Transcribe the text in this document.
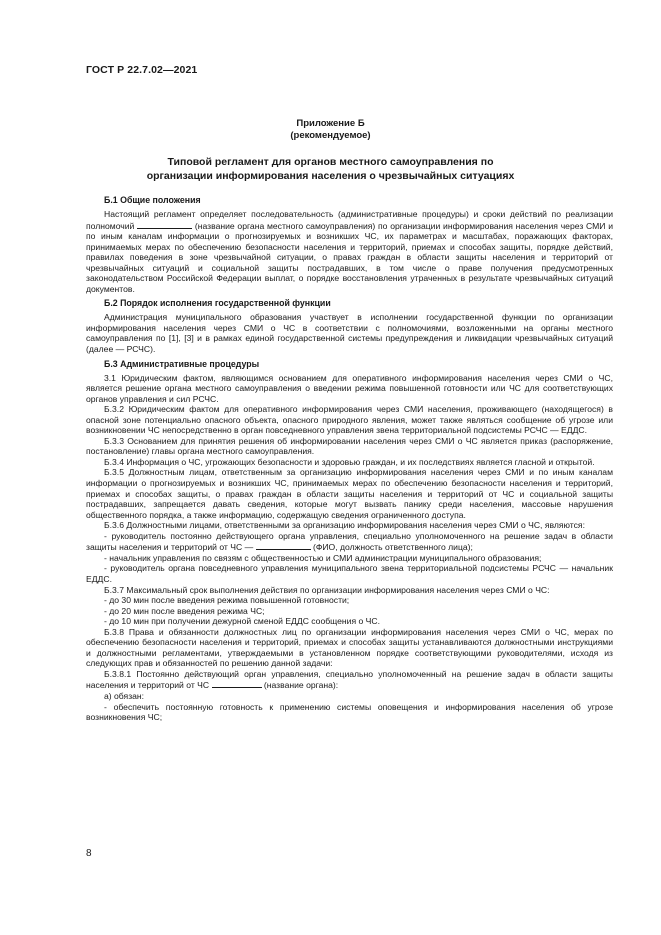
ГОСТ Р 22.7.02—2021
Приложение Б
(рекомендуемое)
Типовой регламент для органов местного самоуправления по
организации информирования населения о чрезвычайных ситуациях
Б.1 Общие положения

Настоящий регламент определяет последовательность (административные процедуры) и сроки действий по реализации полномочий	(название органа местного самоуправления) по организации информирования населения через СМИ и по иным каналам информации о прогнозируемых и возникших ЧС, их параметрах и масштабах, поражающих факторах, принимаемых мерах по обеспечению безопасности населения и территорий, приемах и способах защиты, порядке действий, правилах поведения в зоне чрезвычайной ситуации, о правах граждан в области защиты населения и территорий от чрезвычайных ситуаций и социальной защиты пострадавших, в том числе о праве получения предусмотренных законодательством Российской Федерации выплат, о порядке восстановления утраченных в результате чрезвычайных ситуаций документов.

Б.2 Порядок исполнения государственной функции

Администрация муниципального образования участвует в исполнении государственной функции по организации информирования населения через СМИ о ЧС в соответствии с полномочиями, возложенными на органы местного самоуправления по [1], [3] и в рамках единой государственной системы предупреждения и ликвидации чрезвычайных ситуаций (далее — РСЧС).

Б.3 Административные процедуры

3.1 Юридическим фактом, являющимся основанием для оперативного информирования населения через СМИ о ЧС, является решение органа местного самоуправления о введении режима повышенной готовности или ЧС для соответствующих органов управления и сил РСЧС.

Б.3.2 Юридическим фактом для оперативного информирования через СМИ населения, проживающего (находящегося) в опасной зоне потенциально опасного объекта, опасного природного явления, может также являться сообщение об угрозе или возникновении ЧС непосредственно в орган повседневного управления звена территориальной подсистемы РСЧС — ЕДДС.

Б.3.3 Основанием для принятия решения об информировании населения через СМИ о ЧС является приказ (распоряжение, постановление) главы органа местного самоуправления.

Б.3.4 Информация о ЧС, угрожающих безопасности и здоровью граждан, и их последствиях является гласной и открытой.

Б.3.5 Должностным лицам, ответственным за организацию информирования населения через СМИ и по иным каналам информации о прогнозируемых и возникших ЧС, принимаемых мерах по обеспечению безопасности населения и территорий, приемах и способах защиты, о правах граждан в области защиты населения и территорий от ЧС и социальной защиты пострадавших, запрещается давать сведения, которые могут вызвать панику среди населения, массовые нарушения общественного порядка, а также информацию, содержащую сведения ограниченного доступа.

Б.3.6 Должностными лицами, ответственными за организацию информирования населения через СМИ о ЧС, являются:

- руководитель постоянно действующего органа управления, специально уполномоченного на решение задач в области защиты населения и территорий от ЧС —	(ФИО, должность ответственного лица);

- начальник управления по связям с общественностью и СМИ администрации муниципального образования;

- руководитель органа повседневного управления муниципального звена территориальной подсистемы РСЧС — начальник ЕДДС.

Б.3.7 Максимальный срок выполнения действия по организации информирования населения через СМИ о ЧС:

- до 30 мин после введения режима повышенной готовности;

- до 20 мин после введения режима ЧС;

- до 10 мин при получении дежурной сменой ЕДДС сообщения о ЧС.

Б.3.8 Права и обязанности должностных лиц по организации информирования населения через СМИ о ЧС, мерах по обеспечению безопасности населения и территорий, приемах и способах защиты устанавливаются должностными инструкциями и должностными регламентами, утверждаемыми в установленном порядке соответствующими руководителями, исходя из следующих прав и обязанностей по решению данной задачи:

Б.3.8.1 Постоянно действующий орган управления, специально уполномоченный на решение задач в области защиты населения и территорий от ЧС	(название органа):

а) обязан:

- обеспечить постоянную готовность к применению системы оповещения и информирования населения об угрозе возникновения ЧС;

8
